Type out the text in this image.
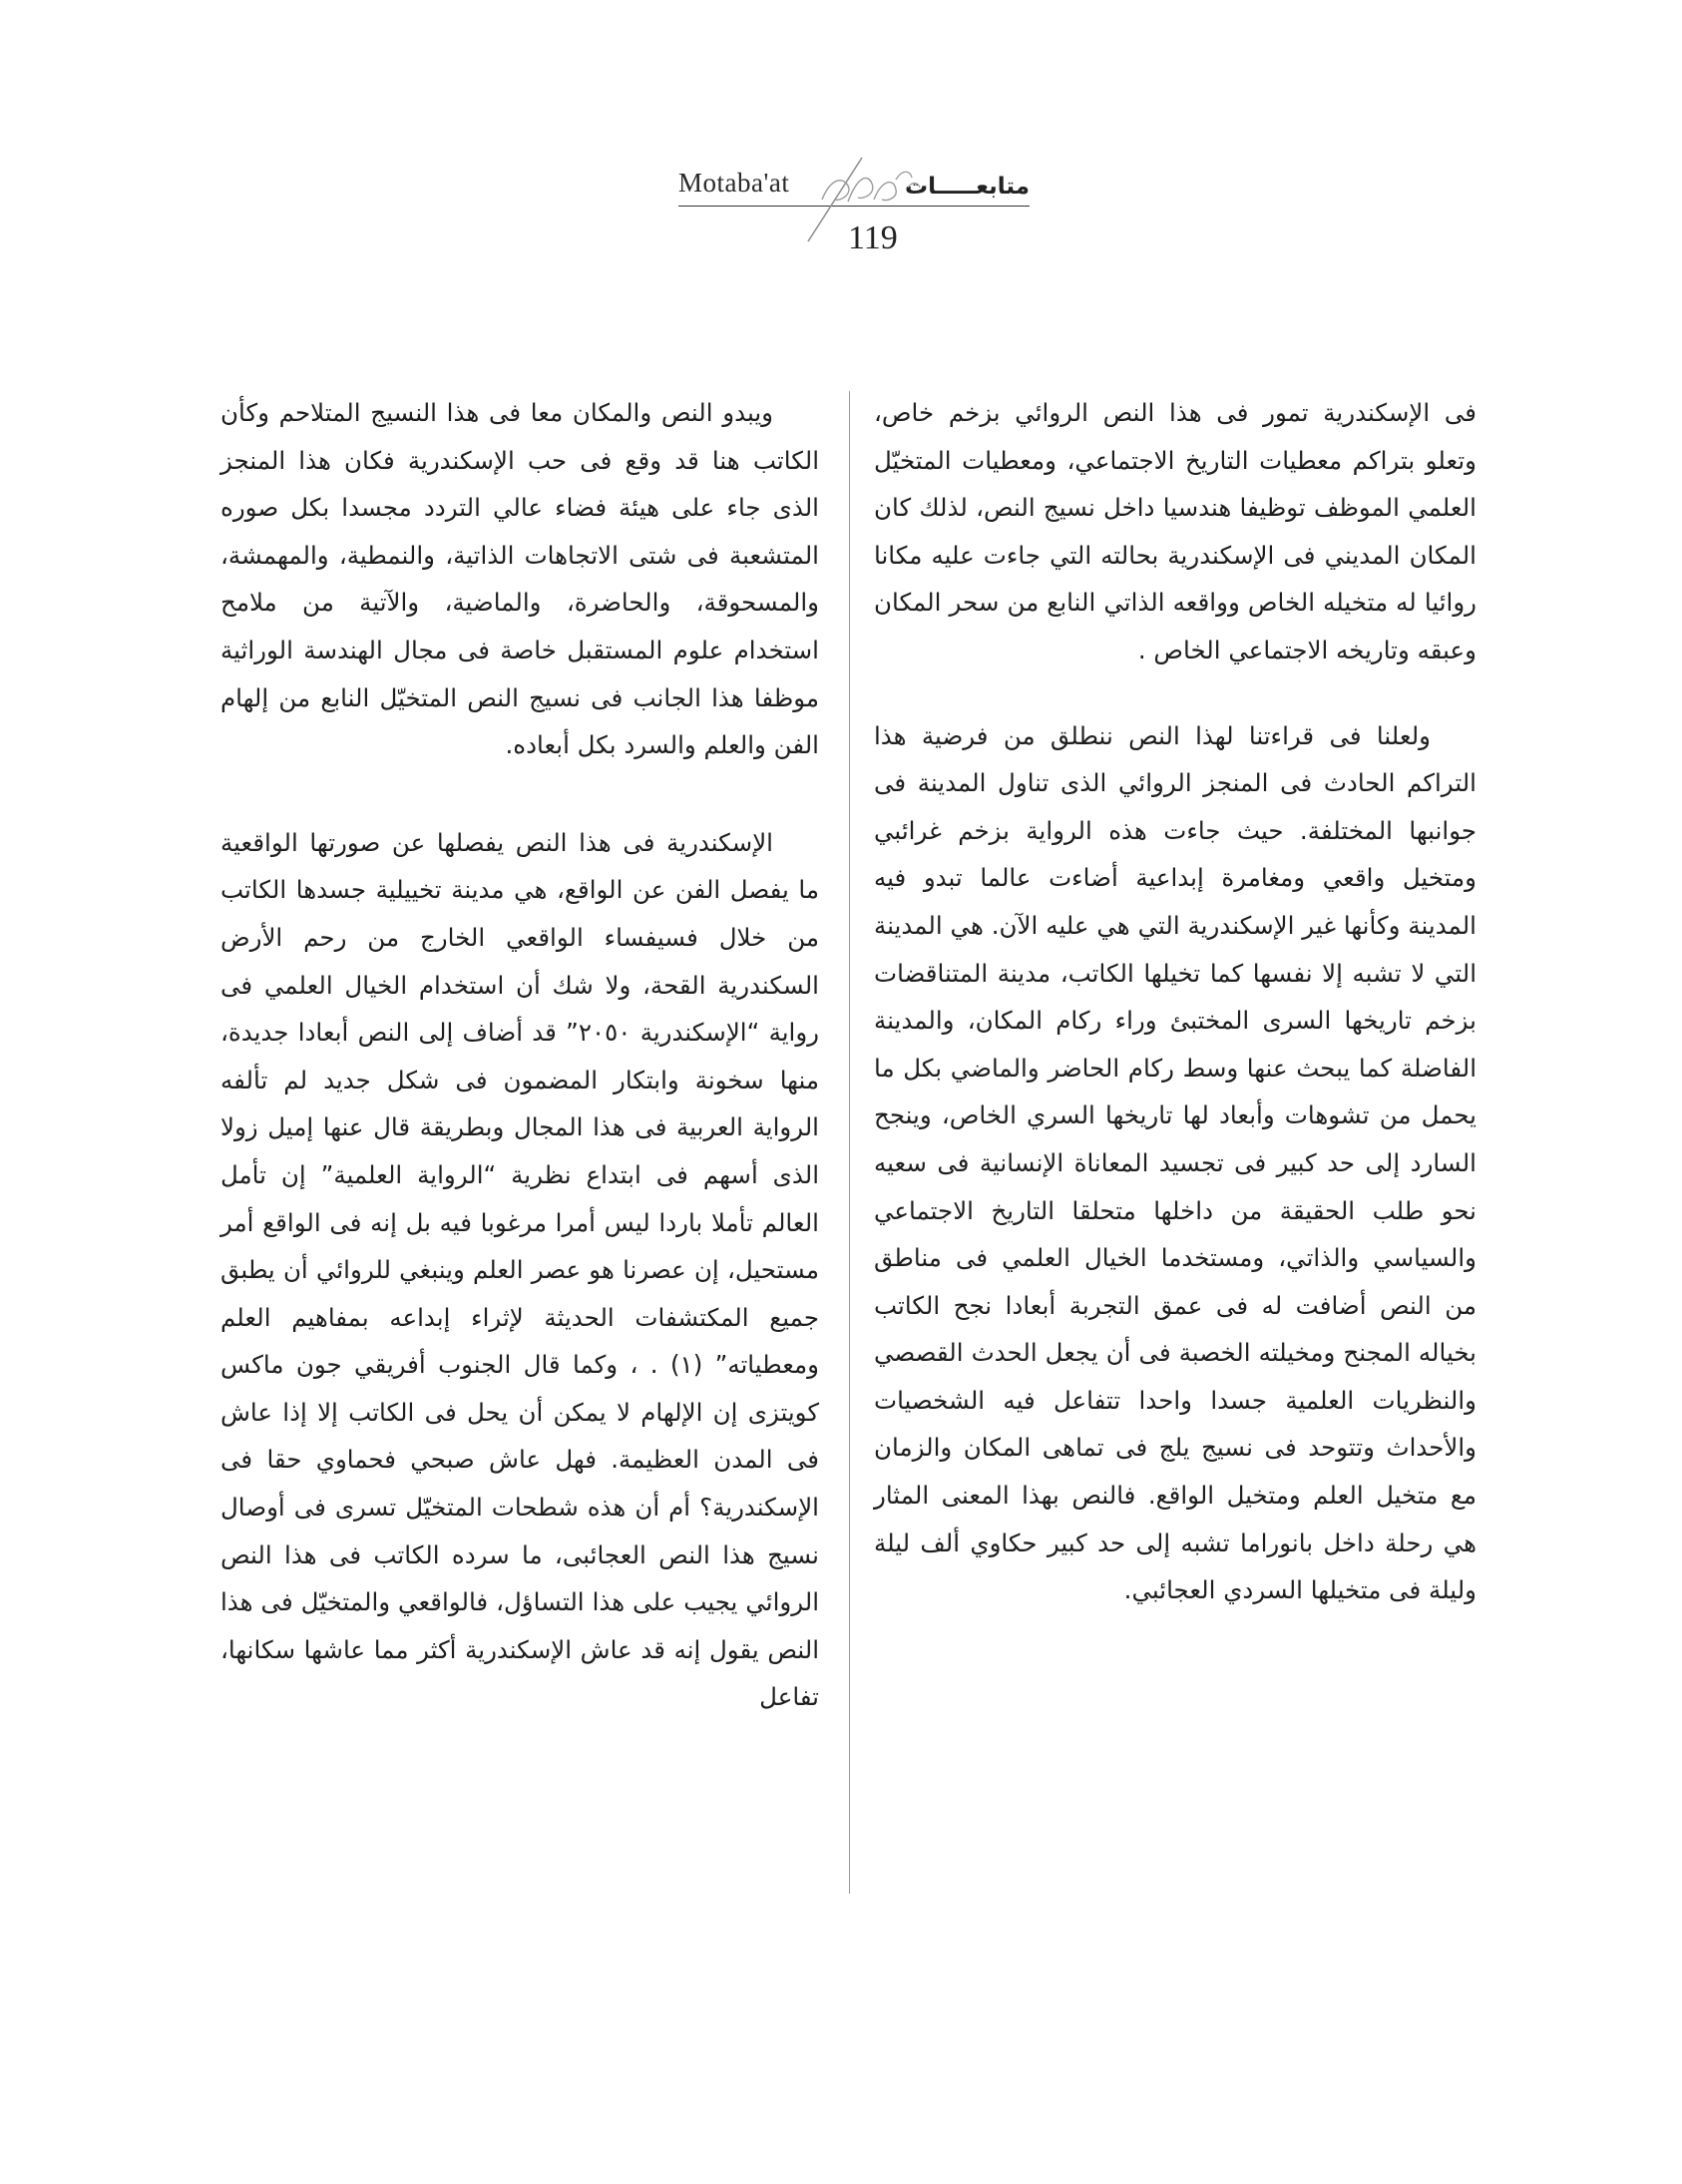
Motaba'at	متابعـــــات
119

فى الإسكندرية تمور فى هذا النص الروائي بزخم خاص، وتعلو بتراكم معطيات التاريخ الاجتماعي، ومعطيات المتخيّل العلمي الموظف توظيفا هندسيا داخل نسيج النص، لذلك كان المكان المديني فى الإسكندرية بحالته التي جاءت عليه مكانا روائيا له متخيله الخاص وواقعه الذاتي النابع من سحر المكان وعبقه وتاريخه الاجتماعي الخاص .

ولعلنا فى قراءتنا لهذا النص ننطلق من فرضية هذا التراكم الحادث فى المنجز الروائي الذى تناول المدينة فى جوانبها المختلفة. حيث جاءت هذه الرواية بزخم غرائبي ومتخيل واقعي ومغامرة إبداعية أضاءت عالما تبدو فيه المدينة وكأنها غير الإسكندرية التي هي عليه الآن. هي المدينة التي لا تشبه إلا نفسها كما تخيلها الكاتب، مدينة المتناقضات بزخم تاريخها السرى المختبئ وراء ركام المكان، والمدينة الفاضلة كما يبحث عنها وسط ركام الحاضر والماضي بكل ما يحمل من تشوهات وأبعاد لها تاريخها السري الخاص، وينجح السارد إلى حد كبير فى تجسيد المعاناة الإنسانية فى سعيه نحو طلب الحقيقة من داخلها متحلقا التاريخ الاجتماعي والسياسي والذاتي، ومستخدما الخيال العلمي فى مناطق من النص أضافت له فى عمق التجربة أبعادا نجح الكاتب بخياله المجنح ومخيلته الخصبة فى أن يجعل الحدث القصصي والنظريات العلمية جسدا واحدا تتفاعل فيه الشخصيات والأحداث وتتوحد فى نسيج يلج فى تماهى المكان والزمان مع متخيل العلم ومتخيل الواقع. فالنص بهذا المعنى المثار هي رحلة داخل بانوراما تشبه إلى حد كبير حكاوي ألف ليلة وليلة فى متخيلها السردي العجائبي.

ويبدو النص والمكان معا فى هذا النسيج المتلاحم وكأن الكاتب هنا قد وقع فى حب الإسكندرية فكان هذا المنجز الذى جاء على هيئة فضاء عالي التردد مجسدا بكل صوره المتشعبة فى شتى الاتجاهات الذاتية، والنمطية، والمهمشة، والمسحوقة، والحاضرة، والماضية، والآتية من ملامح استخدام علوم المستقبل خاصة فى مجال الهندسة الوراثية موظفا هذا الجانب فى نسيج النص المتخيّل النابع من إلهام الفن والعلم والسرد بكل أبعاده.

الإسكندرية فى هذا النص يفصلها عن صورتها الواقعية ما يفصل الفن عن الواقع، هي مدينة تخييلية جسدها الكاتب من خلال فسيفساء الواقعي الخارج من رحم الأرض السكندرية القحة، ولا شك أن استخدام الخيال العلمي فى رواية “الإسكندرية ٢٠٥٠” قد أضاف إلى النص أبعادا جديدة، منها سخونة وابتكار المضمون فى شكل جديد لم تألفه الرواية العربية فى هذا المجال وبطريقة قال عنها إميل زولا الذى أسهم فى ابتداع نظرية “الرواية العلمية” إن تأمل العالم تأملا باردا ليس أمرا مرغوبا فيه بل إنه فى الواقع أمر مستحيل، إن عصرنا هو عصر العلم وينبغي للروائي أن يطبق جميع المكتشفات الحديثة لإثراء إبداعه بمفاهيم العلم ومعطياته” (١) . ، وكما قال الجنوب أفريقي جون ماكس كويتزى إن الإلهام لا يمكن أن يحل فى الكاتب إلا إذا عاش فى المدن العظيمة. فهل عاش صبحي فحماوي حقا فى الإسكندرية؟ أم أن هذه شطحات المتخيّل تسرى فى أوصال نسيج هذا النص العجائبى، ما سرده الكاتب فى هذا النص الروائي يجيب على هذا التساؤل، فالواقعي والمتخيّل فى هذا النص يقول إنه قد عاش الإسكندرية أكثر مما عاشها سكانها، تفاعل
